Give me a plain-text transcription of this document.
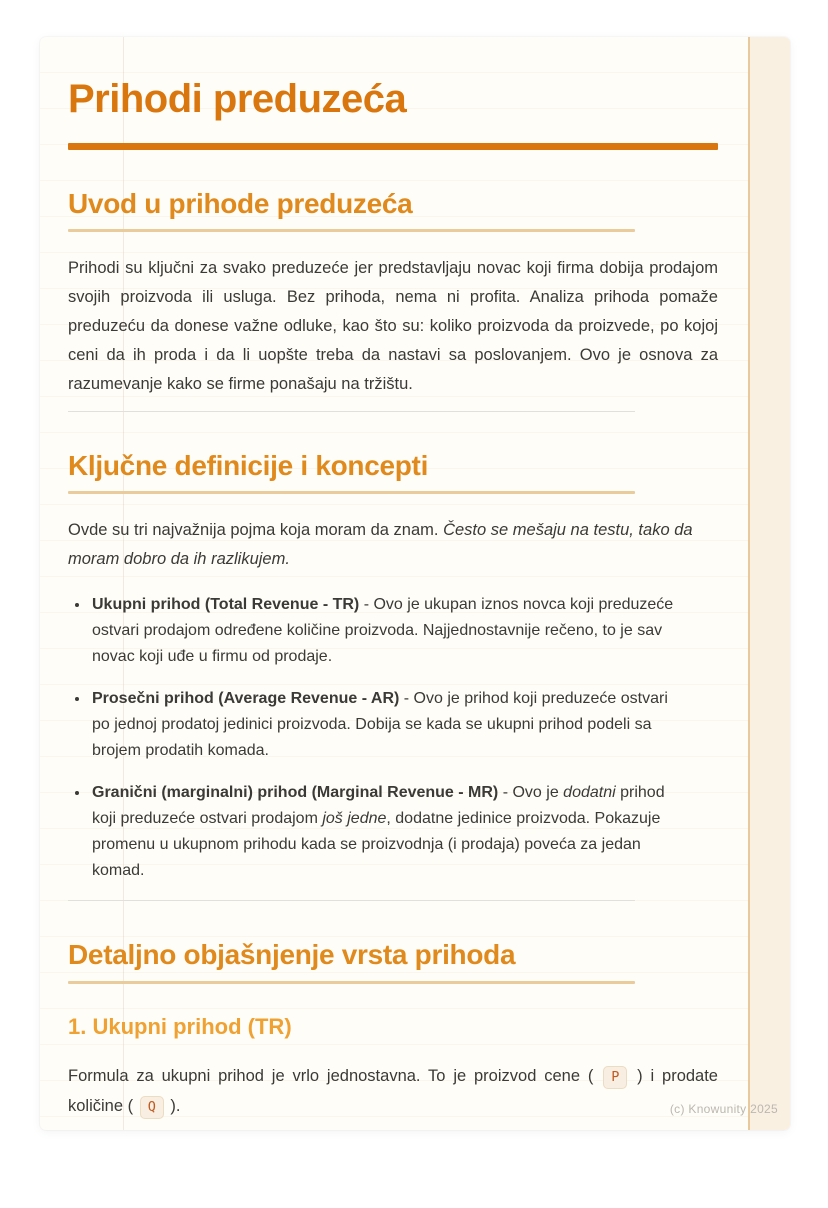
Prihodi preduzeća
Uvod u prihode preduzeća

Prihodi su ključni za svako preduzeće jer predstavljaju novac koji firma dobija prodajom svojih proizvoda ili usluga. Bez prihoda, nema ni profita. Analiza prihoda pomaže preduzeću da donese važne odluke, kao što su: koliko proizvoda da proizvede, po kojoj ceni da ih proda i da li uopšte treba da nastavi sa poslovanjem. Ovo je osnova za razumevanje kako se firme ponašaju na tržištu.

Ključne definicije i koncepti

Ovde su tri najvažnija pojma koja moram da znam. Često se mešaju na testu, tako da moram dobro da ih razlikujem.

• Ukupni prihod (Total Revenue - TR) - Ovo je ukupan iznos novca koji preduzeće ostvari prodajom određene količine proizvoda. Najjednostavnije rečeno, to je sav novac koji uđe u firmu od prodaje.
• Prosečni prihod (Average Revenue - AR) - Ovo je prihod koji preduzeće ostvari po jednoj prodatoj jedinici proizvoda. Dobija se kada se ukupni prihod podeli sa brojem prodatih komada.
• Granični (marginalni) prihod (Marginal Revenue - MR) - Ovo je dodatni prihod koji preduzeće ostvari prodajom još jedne, dodatne jedinice proizvoda. Pokazuje promenu u ukupnom prihodu kada se proizvodnja (i prodaja) poveća za jedan komad.
Detaljno objašnjenje vrsta prihoda
1. Ukupni prihod (TR)

Formula za ukupni prihod je vrlo jednostavna. To je proizvod cene ( P ) i prodate količine ( Q ).	(c) Knowunity 2025
